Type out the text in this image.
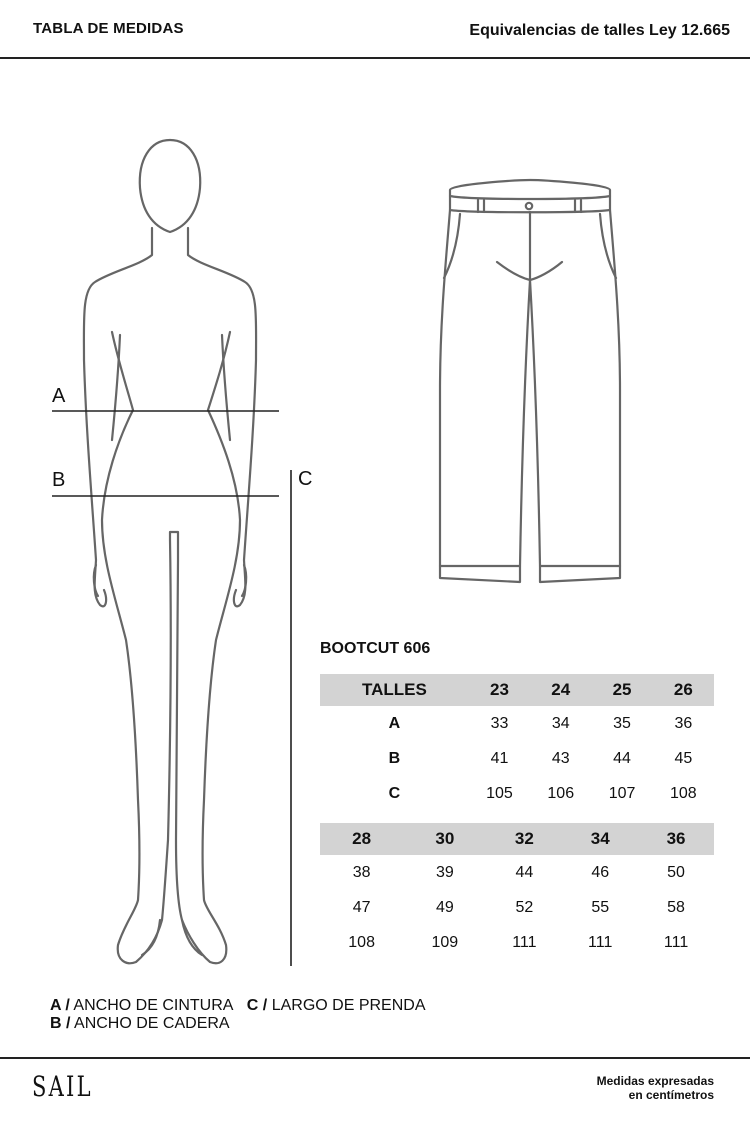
TABLA DE MEDIDAS	Equivalencias de talles Ley 12.665
A
B	C
BOOTCUT 606
TALLES	23	24	25	26
A	33	34	35	36
B	41	43	44	45
C	105	106	107	108
28	30	32	34	36
38	39	44	46	50
47	49	52	55	58
108	109	111	111	111
A / ANCHO DE CINTURA C / LARGO DE PRENDA
B / ANCHO DE CADERA
SAIL	Medidas expresadas
en centímetros
